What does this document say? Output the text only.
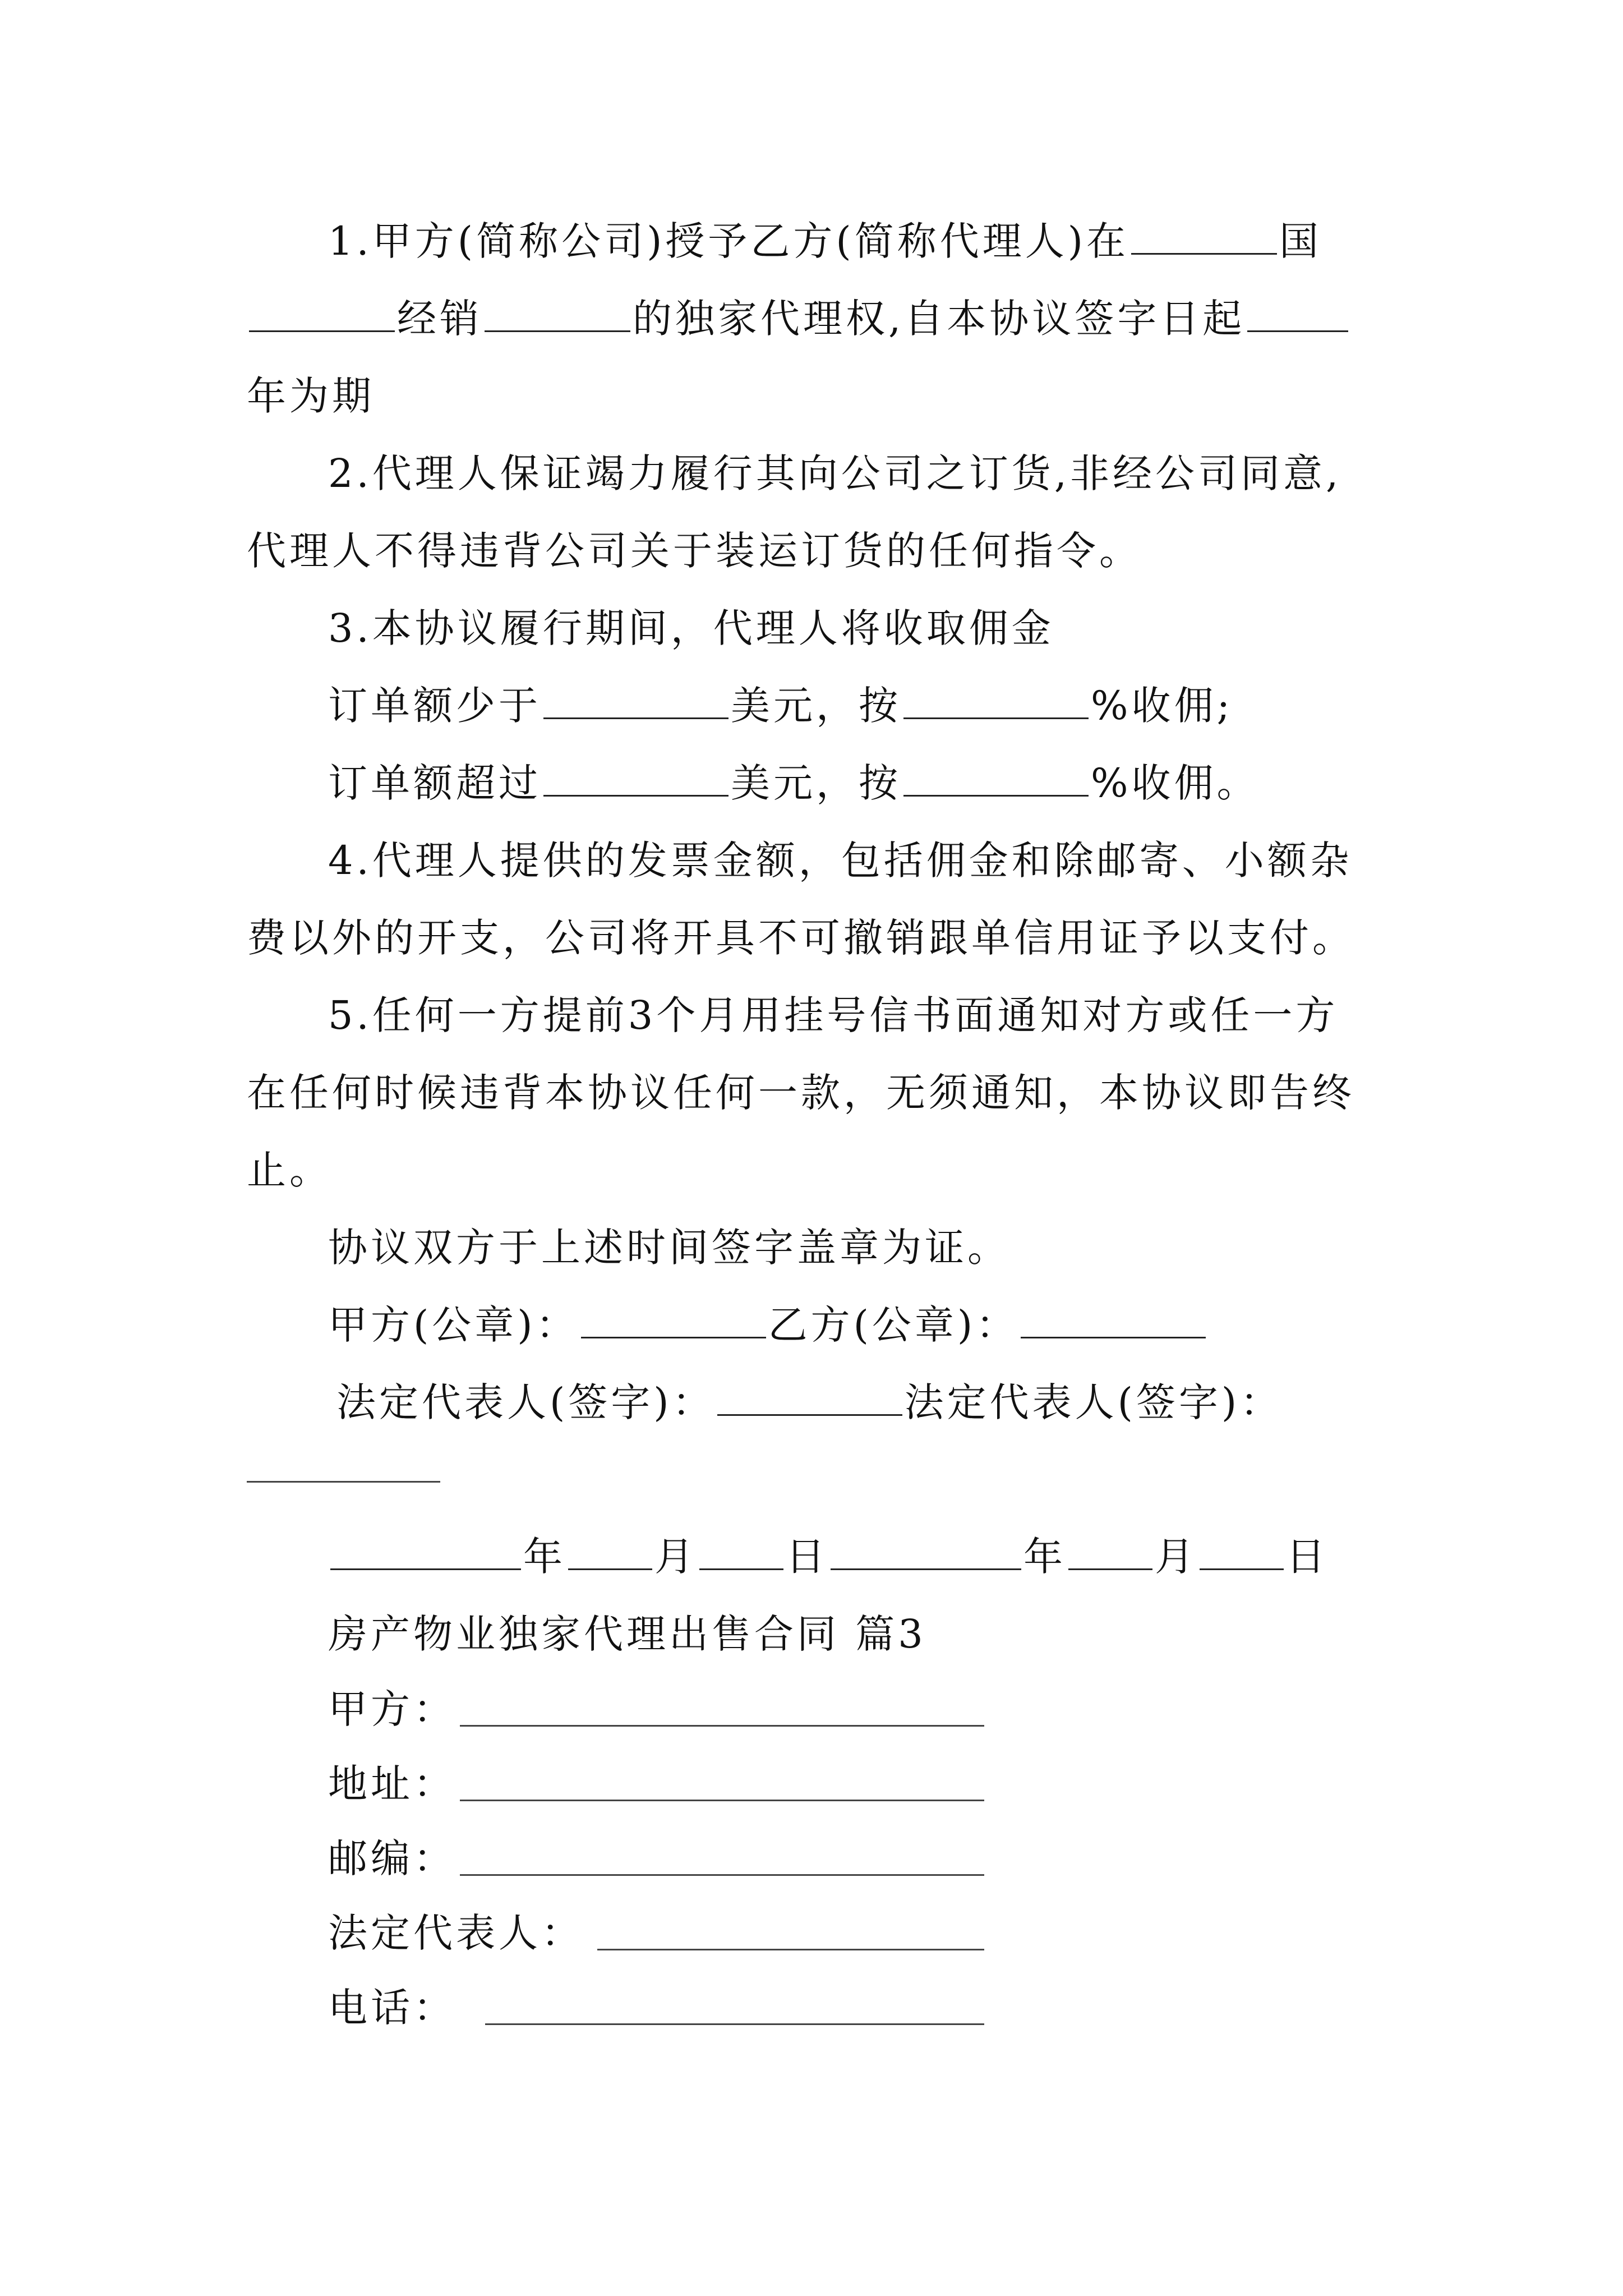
1.甲方(简称公司)授予乙方(简称代理人)在	国
经销	的独家代理权,自本协议签字日起
年为期
2.代理人保证竭力履行其向公司之订货,非经公司同意,
代理人不得违背公司关于装运订货的任何指令。
3.本协议履行期间，代理人将收取佣金
订单额少于	美元，按	%收佣;
订单额超过	美元，按	%收佣。
4.代理人提供的发票金额，包括佣金和除邮寄、小额杂
费以外的开支，公司将开具不可撤销跟单信用证予以支付。
5.任何一方提前3个月用挂号信书面通知对方或任一方
在任何时候违背本协议任何一款，无须通知，本协议即告终
止。
协议双方于上述时间签字盖章为证。
甲方(公章)：	乙方(公章)：
法定代表人(签字)：	法定代表人(签字)：
年 月 日	年 月 日
房产物业独家代理出售合同 篇3
甲方：
地址：
邮编：
法定代表人：
电话：
